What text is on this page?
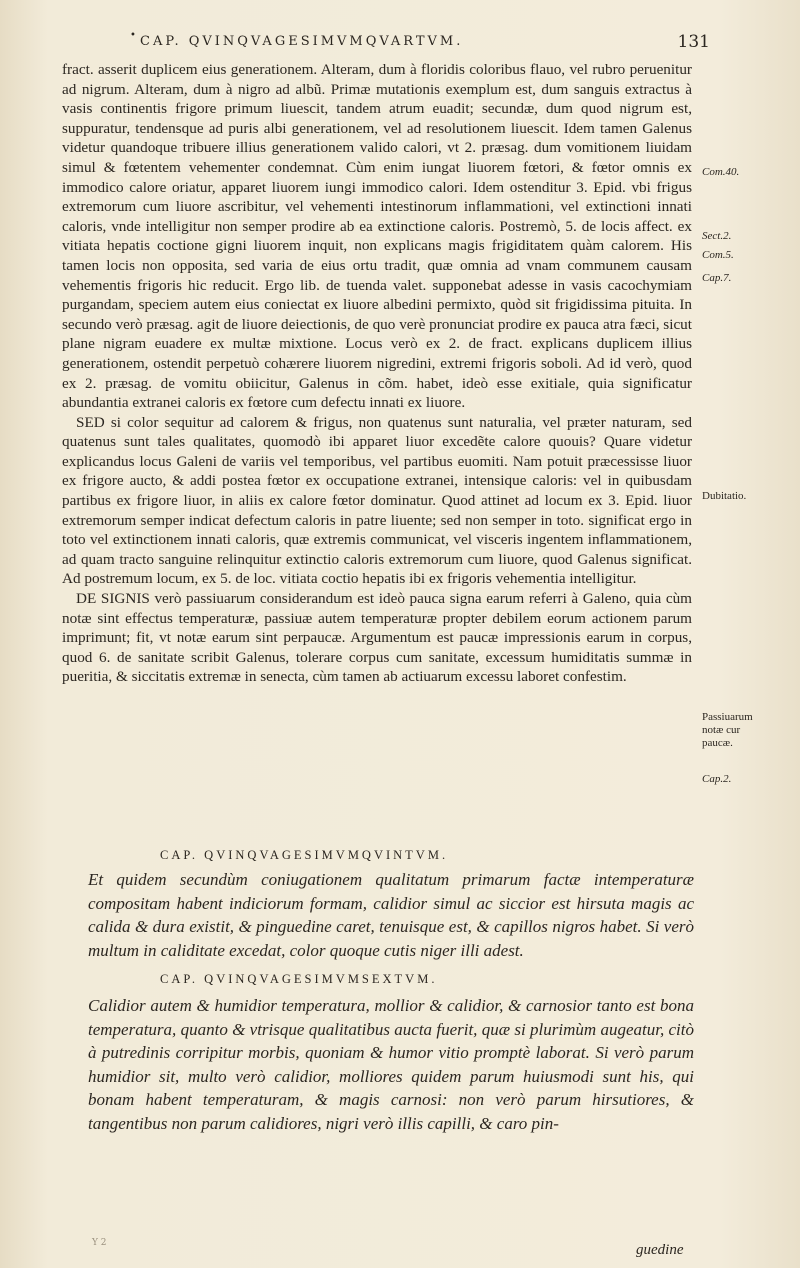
• CAP. QVINQVAGESIMVMQVARTVM.	131

fract. asserit duplicem eius generationem. Alteram, dum à floridis coloribus flauo, vel rubro peruenitur ad nigrum. Alteram, dum à nigro ad albũ. Primæ mutationis exemplum est, dum sanguis extractus à vasis continentis frigore primum liuescit, tandem atrum euadit; secundæ, dum quod nigrum est, suppuratur, tendensque ad puris albi generationem, vel ad resolutionem liuescit. Idem tamen Galenus videtur quandoque tribuere illius generationem valido calori, vt 2. præsag. dum vomitionem liuidam simul & fœtentem vehementer condemnat. Cùm enim iungat liuorem fœtori, & fœtor omnis ex immodico calore oriatur, apparet liuorem iungi immodico calori. Idem ostenditur 3. Epid. vbi frigus extremorum cum liuore ascribitur, vel vehementi intestinorum inflammationi, vel extinctioni innati caloris, vnde intelligitur non semper prodire ab ea extinctione caloris. Postremò, 5. de locis affect. ex vitiata hepatis coctione gigni liuorem inquit, non explicans magis frigiditatem quàm calorem. His tamen locis non opposita, sed varia de eius ortu tradit, quæ omnia ad vnam communem causam vehementis frigoris hic reducit. Ergo lib. de tuenda valet. supponebat adesse in vasis cacochymiam purgandam, speciem autem eius coniectat ex liuore albedini permixto, quòd sit frigidissima pituita. In secundo verò præsag. agit de liuore deiectionis, de quo verè pronunciat prodire ex pauca atra fæci, sicut plane nigram euadere ex multæ mixtione. Locus verò ex 2. de fract. explicans duplicem illius generationem, ostendit perpetuò cohærere liuorem nigredini, extremi frigoris soboli. Ad id verò, quod ex 2. præsag. de vomitu obiicitur, Galenus in cõm. habet, ideò esse exitiale, quia significatur abundantia extranei caloris ex fœtore cum defectu innati ex liuore.

SED si color sequitur ad calorem & frigus, non quatenus sunt naturalia, vel præter naturam, sed quatenus sunt tales qualitates, quomodò ibi apparet liuor excedẽte calore quouis? Quare videtur explicandus locus Galeni de variis vel temporibus, vel partibus euomiti. Nam potuit præcessisse liuor ex frigore aucto, & addi postea fœtor ex occupatione extranei, intensique caloris: vel in quibusdam partibus ex frigore liuor, in aliis ex calore fœtor dominatur. Quod attinet ad locum ex 3. Epid. liuor extremorum semper indicat defectum caloris in patre liuente; sed non semper in toto. significat ergo in toto vel extinctionem innati caloris, quæ extremis communicat, vel visceris ingentem inflammationem, ad quam tracto sanguine relinquitur extinctio caloris extremorum cum liuore, quod Galenus significat. Ad postremum locum, ex 5. de loc. vitiata coctio hepatis ibi ex frigoris vehementia intelligitur.

DE SIGNIS verò passiuarum considerandum est ideò pauca signa earum referri à Galeno, quia cùm notæ sint effectus temperaturæ, passiuæ autem temperaturæ propter debilem eorum actionem parum imprimunt; fit, vt notæ earum sint perpaucæ. Argumentum est paucæ impressionis earum in corpus, quod 6. de sanitate scribit Galenus, tolerare corpus cum sanitate, excessum humiditatis summæ in pueritia, & siccitatis extremæ in senecta, cùm tamen ab actiuarum excessu laboret confestim.

Com.40.
Sect.2.
Com.5.
Cap.7.
Dubitatio.
Passiuarum
notæ cur
paucæ.
Cap.2.
CAP. QVINQVAGESIMVMQVINTVM.
Et quidem secundùm coniugationem qualitatum primarum factæ intemperaturæ compositam habent indiciorum formam, calidior simul ac siccior est hirsuta magis ac calida & dura existit, & pinguedine caret, tenuisque est, & capillos nigros habet. Si verò multum in caliditate excedat, color quoque cutis niger illi adest.
CAP. QVINQVAGESIMVMSEXTVM.
Calidior autem & humidior temperatura, mollior & calidior, & carnosior tanto est bona temperatura, quanto & vtrisque qualitatibus aucta fuerit, quæ si plurimùm augeatur, citò à putredinis corripitur morbis, quoniam & humor vitio promptè laborat. Si verò parum humidior sit, multo verò calidior, molliores quidem parum huiusmodi sunt his, qui bonam habent temperaturam, & magis carnosi: non verò parum hirsutiores, & tangentibus non parum calidiores, nigri verò illis capilli, & caro pin-
Y 2	guedine
